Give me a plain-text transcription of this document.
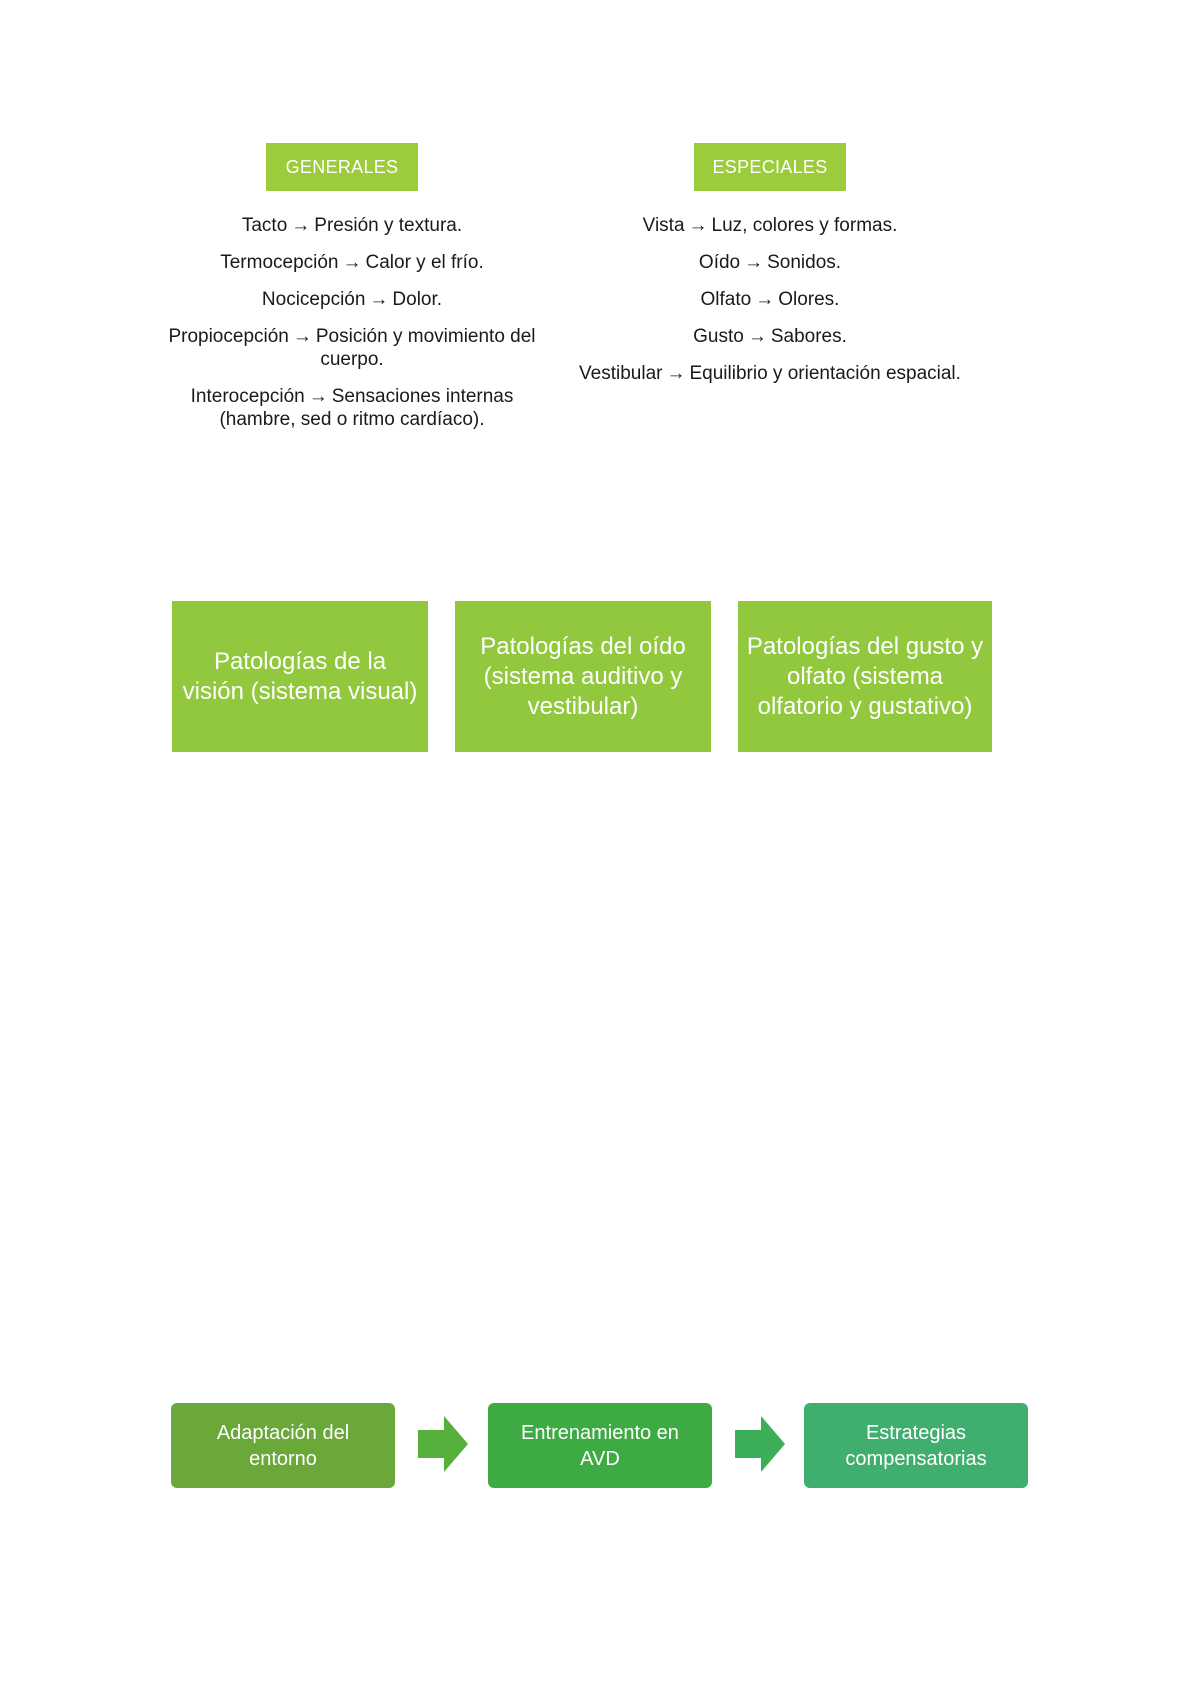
GENERALES	ESPECIALES
Tacto → Presión y textura.
Termocepción → Calor y el frío.
Nocicepción → Dolor.
Propiocepción → Posición y movimiento del cuerpo.
Interocepción → Sensaciones internas (hambre, sed o ritmo cardíaco).
Vista → Luz, colores y formas.
Oído → Sonidos.
Olfato → Olores.
Gusto → Sabores.
Vestibular → Equilibrio y orientación espacial.
Patologías de la visión (sistema visual)
Patologías del oído (sistema auditivo y vestibular)
Patologías del gusto y olfato (sistema olfatorio y gustativo)
Adaptación del entorno
Entrenamiento en AVD
Estrategias compensatorias
